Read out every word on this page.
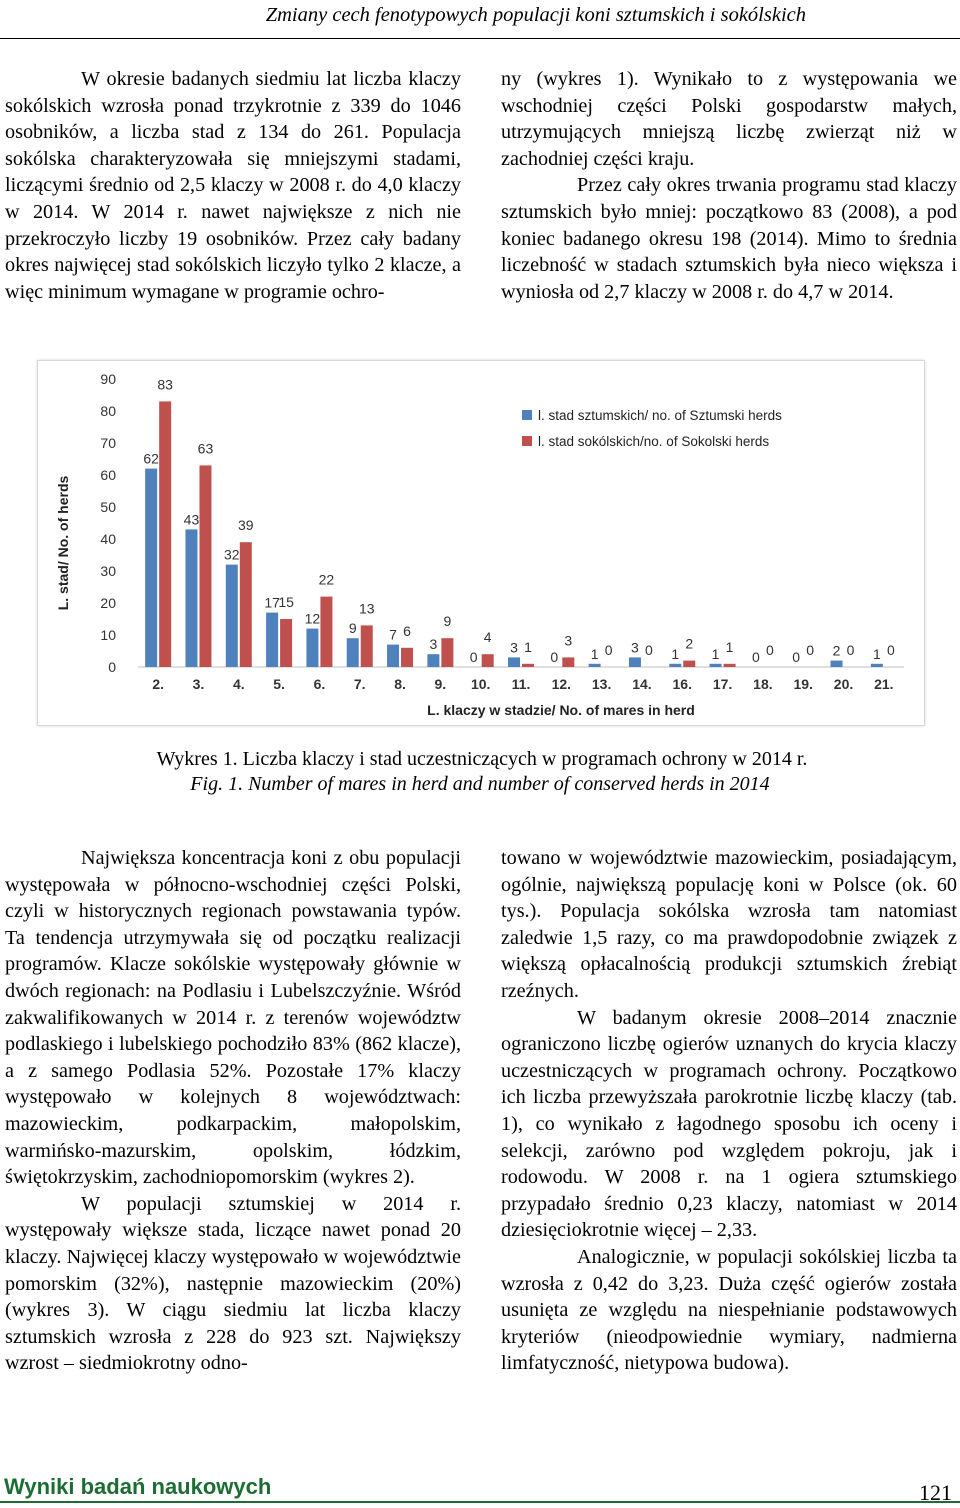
Zmiany cech fenotypowych populacji koni sztumskich i sokólskich

W okresie badanych siedmiu lat liczba klaczy sokólskich wzrosła ponad trzykrotnie z 339 do 1046 osobników, a liczba stad z 134 do 261. Populacja sokólska charakteryzowała się mniejszymi stadami, liczącymi średnio od 2,5 klaczy w 2008 r. do 4,0 klaczy w 2014. W 2014 r. nawet największe z nich nie przekroczyło liczby 19 osobników. Przez cały badany okres najwięcej stad sokólskich liczyło tylko 2 klacze, a więc minimum wymagane w programie ochro-

ny (wykres 1). Wynikało to z występowania we wschodniej części Polski gospodarstw małych, utrzymujących mniejszą liczbę zwierząt niż w zachodniej części kraju.

Przez cały okres trwania programu stad klaczy sztumskich było mniej: początkowo 83 (2008), a pod koniec badanego okresu 198 (2014). Mimo to średnia liczebność w stadach sztumskich była nieco większa i wyniosła od 2,7 klaczy w 2008 r. do 4,7 w 2014.

0
10
20
30
40
50
60
70
80
90
L. stad/ No. of herds
62
83
2.
43
63
3.
32
39
4.
17
15
5.
12
22
6.
9
13
7.
7 6
8.
3
9
9.
0
4
10.
3 1
11.
0
3
12.
1 0
13.
3 0
14.
1
2
16.
1 1
17.
0 0
18.
0 0
19.
2 0
20.
1 0
21.
L. klaczy w stadzie/ No. of mares in herd
l. stad sztumskich/ no. of Sztumski herds
l. stad sokólskich/no. of Sokolski herds
Wykres 1. Liczba klaczy i stad uczestniczących w programach ochrony w 2014 r.
Fig. 1. Number of mares in herd and number of conserved herds in 2014

Największa koncentracja koni z obu populacji występowała w północno-wschodniej części Polski, czyli w historycznych regionach powstawania typów. Ta tendencja utrzymywała się od początku realizacji programów. Klacze sokólskie występowały głównie w dwóch regionach: na Podlasiu i Lubelszczyźnie. Wśród zakwalifikowanych w 2014 r. z terenów województw podlaskiego i lubelskiego pochodziło 83% (862 klacze), a z samego Podlasia 52%. Pozostałe 17% klaczy występowało w kolejnych 8 województwach: mazowieckim, podkarpackim, małopolskim, warmińsko-mazurskim, opolskim, łódzkim, świętokrzyskim, zachodniopomorskim (wykres 2).

W populacji sztumskiej w 2014 r. występowały większe stada, liczące nawet ponad 20 klaczy. Najwięcej klaczy występowało w województwie pomorskim (32%), następnie mazowieckim (20%) (wykres 3). W ciągu siedmiu lat liczba klaczy sztumskich wzrosła z 228 do 923 szt. Największy wzrost – siedmiokrotny odno-

towano w województwie mazowieckim, posiadającym, ogólnie, największą populację koni w Polsce (ok. 60 tys.). Populacja sokólska wzrosła tam natomiast zaledwie 1,5 razy, co ma prawdopodobnie związek z większą opłacalnością produkcji sztumskich źrebiąt rzeźnych.

W badanym okresie 2008–2014 znacznie ograniczono liczbę ogierów uznanych do krycia klaczy uczestniczących w programach ochrony. Początkowo ich liczba przewyższała parokrotnie liczbę klaczy (tab. 1), co wynikało z łagodnego sposobu ich oceny i selekcji, zarówno pod względem pokroju, jak i rodowodu. W 2008 r. na 1 ogiera sztumskiego przypadało średnio 0,23 klaczy, natomiast w 2014 dziesięciokrotnie więcej – 2,33.

Analogicznie, w populacji sokólskiej liczba ta wzrosła z 0,42 do 3,23. Duża część ogierów została usunięta ze względu na niespełnianie podstawowych kryteriów (nieodpowiednie wymiary, nadmierna limfatyczność, nietypowa budowa).

Wyniki badań naukowych	121
